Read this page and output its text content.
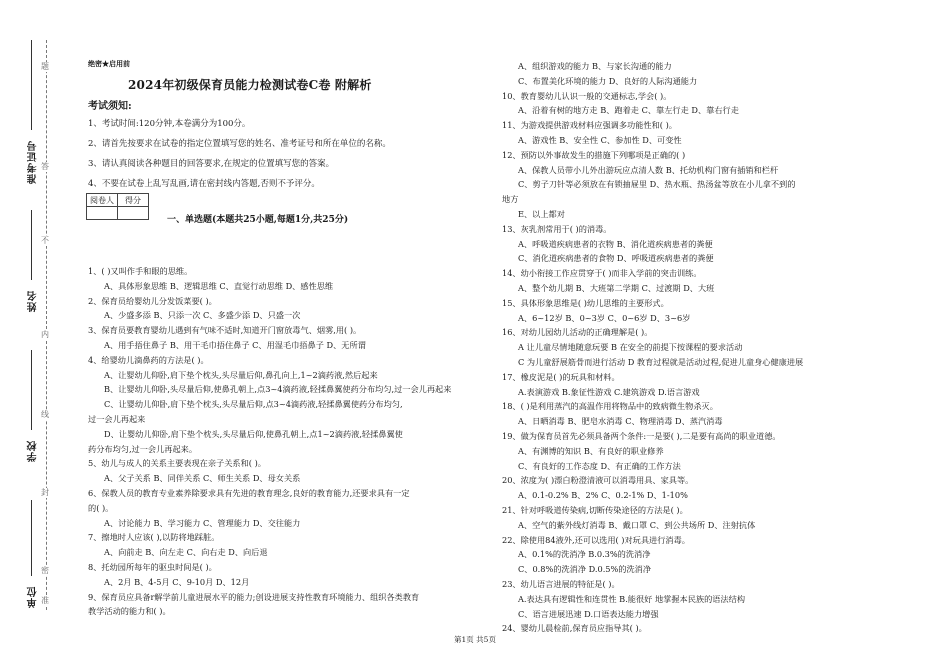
题
答
不
内
线
封
密
准
准考证号
姓名
学校
单位
绝密★启用前
2024年初级保育员能力检测试卷C卷 附解析
考试须知:
1、考试时间:120分钟,本卷满分为100分。
2、请首先按要求在试卷的指定位置填写您的姓名、准考证号和所在单位的名称。
3、请认真阅读各种题目的回答要求,在规定的位置填写您的答案。
4、不要在试卷上乱写乱画,请在密封线内答题,否则不予评分。
阅卷人	得分

一、单选题(本题共25小题,每题1分,共25分)
1、( )又叫作手和眼的思维。
A、具体形象思维 B、逻辑思维 C、直觉行动思维 D、感性思维
2、保育员给婴幼儿分发饭菜要( )。
A、少盛多添 B、只添一次 C、多盛少添 D、只盛一次
3、保育员要教育婴幼儿遇到有气味不适时,知道开门窗放毒气、烟雾,用( )。
A、用手捂住鼻子 B、用干毛巾捂住鼻子 C、用湿毛巾捂鼻子 D、无所谓
4、给婴幼儿滴鼻药的方法是( )。
A、让婴幼儿仰卧,肩下垫个枕头,头尽量后仰,鼻孔向上,1~2滴药液,然后起来
B、让婴幼儿仰卧,头尽量后仰,使鼻孔朝上,点3~4滴药液,轻揉鼻翼使药分布均匀,过一会儿再起来
C、让婴幼儿仰卧,肩下垫个枕头,头尽量后仰,点3~4滴药液,轻揉鼻翼使药分布均匀,
过一会儿再起来
D、让婴幼儿仰卧,肩下垫个枕头,头尽量后仰,使鼻孔朝上,点1~2滴药液,轻揉鼻翼使
药分布均匀,过一会儿再起来。
5、幼儿与成人的关系主要表现在亲子关系和( )。
A、父子关系 B、同伴关系 C、师生关系 D、母女关系
6、保教人员的教育专业素养除要求具有先进的教育理念,良好的教育能力,还要求具有一定
的( )。
A、讨论能力 B、学习能力 C、管理能力 D、交往能力
7、擦地时人应该( ),以防将地踩脏。
A、向前走 B、向左走 C、向右走 D、向后退
8、托幼园所每年的驱虫时间是( )。
A、2月 B、4-5月 C、9-10月 D、12月
9、保育员应具备r解学前儿童进展水平的能力;创设进展支持性教育环境能力、组织各类教育
教学活动的能力和( )。
A、组织游戏的能力 B、与家长沟通的能力
C、布置美化环境的能力 D、良好的人际沟通能力
10、教育婴幼儿认识一般的交通标志,学会( )。
A、沿着有树的地方走 B、跑着走 C、靠左行走 D、靠右行走
11、为游戏提供游戏材料应强调多功能性和( )。
A、游戏性 B、安全性 C、参加性 D、可变性
12、预防以外事故发生的措施下列哪项是正确的( )
A、保教人员带小儿外出游玩应点清人数 B、托幼机构门窗有插销和栏杆
C、剪子刀针等必须放在有锁抽屉里 D、热水瓶、热汤盆等放在小儿拿不到的
地方
E、以上都对
13、灰乳剂常用于( )的消毒。
A、呼吸道疾病患者的衣物 B、消化道疾病患者的粪便
C、消化道疾病患者的食物 D、呼吸道疾病患者的粪便
14、幼小衔接工作应贯穿于( )而非入学前的突击训练。
A、整个幼儿期 B、大班第二学期 C、过渡期 D、大班
15、具体形象思维是( )幼儿思维的主要形式。
A、6~12岁 B、0~3岁 C、0~6岁 D、3~6岁
16、对幼儿园幼儿活动的正确理解是( )。
A 让儿童尽情地随意玩要 B 在安全的前提下按课程的要求活动
C 为儿童舒展筋骨而进行活动 D 教育过程就是活动过程,促进儿童身心健康进展
17、橡皮泥是( )的玩具和材料。
A.表演游戏 B.象征性游戏 C.建筑游戏 D.语言游戏
18、( )是利用蒸汽的高温作用将物品中的致病微生物杀灭。
A、日晒消毒 B、肥皂水消毒 C、物理消毒 D、蒸汽消毒
19、做为保育员首先必须具备两个条件:一是要( ),二是要有高尚的职业道德。
A、有渊博的知识 B、有良好的职业修养
C、有良好的工作态度 D、有正确的工作方法
20、浓度为( )漂白粉澄清液可以消毒用具、家具等。
A、0.1-0.2% B、2% C、0.2-1% D、1-10%
21、针对呼吸道传染病,切断传染途径的方法是( )。
A、空气的紫外线灯消毒 B、戴口罩 C、到公共场所 D、注射抗体
22、除使用84液外,还可以选用( )对玩具进行消毒。
A、0.1%的洗消净 B.0.3%的洗消净
C、0.8%的洗消净 D.0.5%的洗消净
23、幼儿语言进展的特征是( )。
A.表达具有逻辑性和连贯性 B.能很好 地掌握本民族的语法结构
C、语言进展迅速 D.口语表达能力增强
24、婴幼儿晨检前,保育员应指导其( )。
第1页 共5页
